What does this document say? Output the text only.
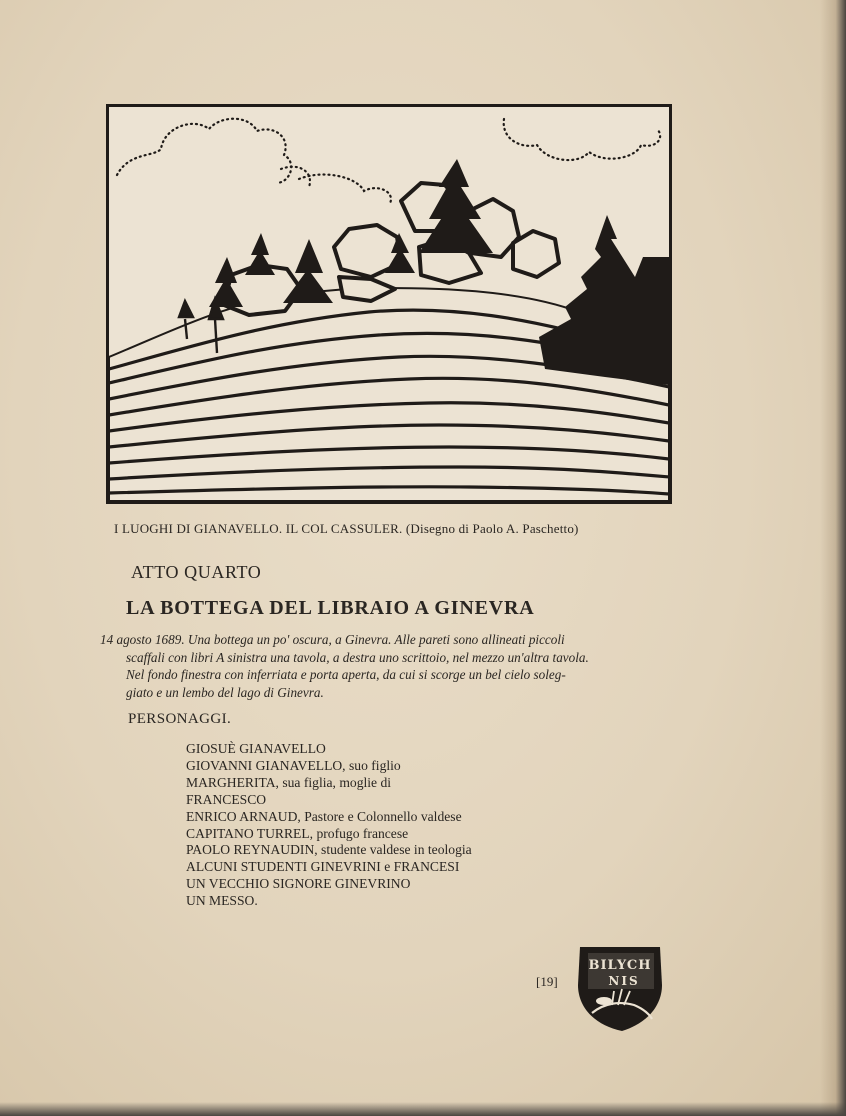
I LUOGHI DI GIANAVELLO. IL COL CASSULER. (Disegno di Paolo A. Paschetto)
ATTO QUARTO
LA BOTTEGA DEL LIBRAIO A GINEVRA
14 agosto 1689. Una bottega un po' oscura, a Ginevra. Alle pareti sono allineati piccoli
scaffali con libri A sinistra una tavola, a destra uno scrittoio, nel mezzo un'altra tavola.
Nel fondo finestra con inferriata e porta aperta, da cui si scorge un bel cielo soleg-
giato e un lembo del lago di Ginevra.
PERSONAGGI.
GIOSUÈ GIANAVELLO
GIOVANNI GIANAVELLO, suo figlio
MARGHERITA, sua figlia, moglie di
FRANCESCO
ENRICO ARNAUD, Pastore e Colonnello valdese
CAPITANO TURREL, profugo francese
PAOLO REYNAUDIN, studente valdese in teologia
ALCUNI STUDENTI GINEVRINI e FRANCESI
UN VECCHIO SIGNORE GINEVRINO
UN MESSO.
[19]
BILYCH
NIS
